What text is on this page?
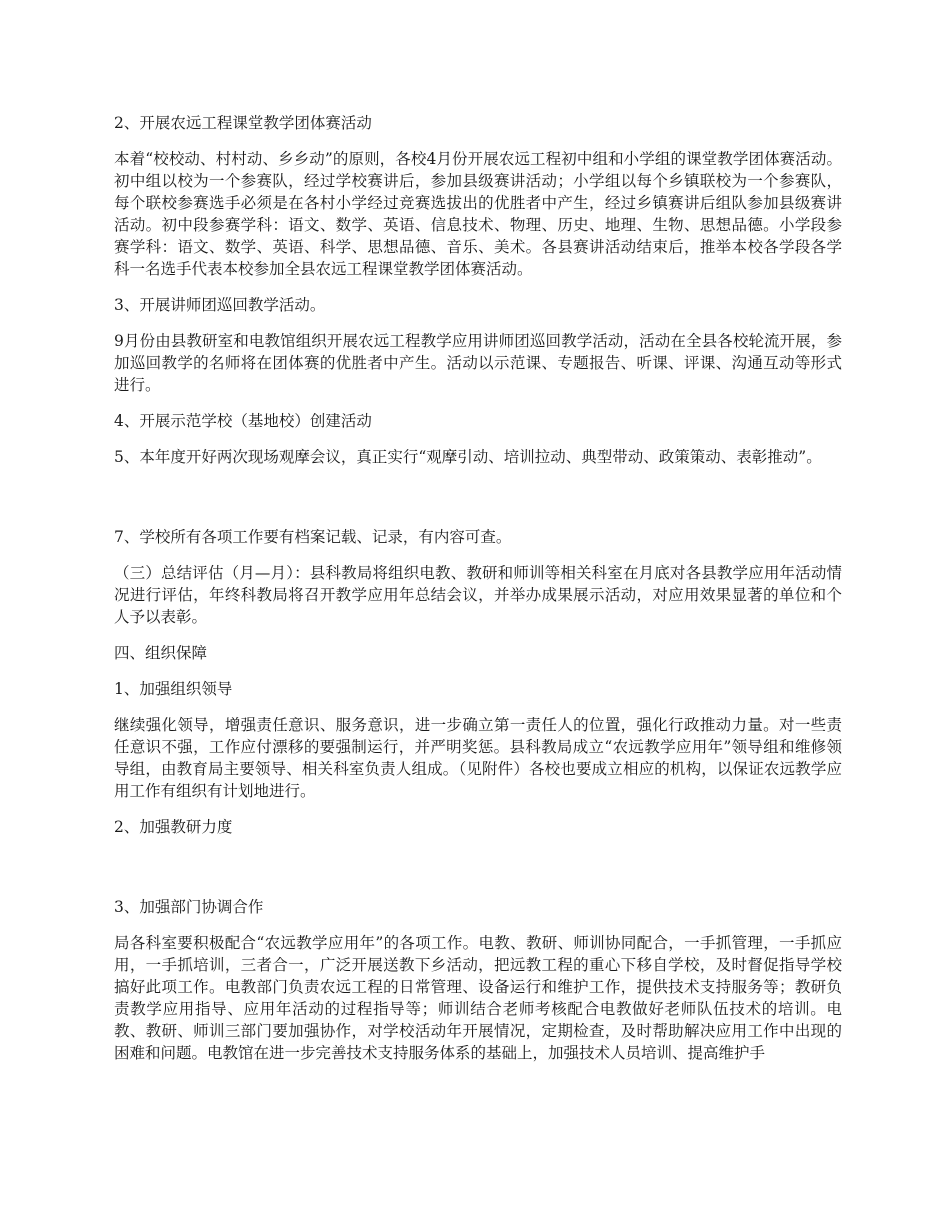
2、开展农远工程课堂教学团体赛活动

本着“校校动、村村动、乡乡动”的原则，各校4月份开展农远工程初中组和小学组的课堂教学团体赛活动。初中组以校为一个参赛队，经过学校赛讲后，参加县级赛讲活动；小学组以每个乡镇联校为一个参赛队，每个联校参赛选手必须是在各村小学经过竞赛选拔出的优胜者中产生，经过乡镇赛讲后组队参加县级赛讲活动。初中段参赛学科：语文、数学、英语、信息技术、物理、历史、地理、生物、思想品德。小学段参赛学科：语文、数学、英语、科学、思想品德、音乐、美术。各县赛讲活动结束后，推举本校各学段各学科一名选手代表本校参加全县农远工程课堂教学团体赛活动。

3、开展讲师团巡回教学活动。

9月份由县教研室和电教馆组织开展农远工程教学应用讲师团巡回教学活动，活动在全县各校轮流开展，参加巡回教学的名师将在团体赛的优胜者中产生。活动以示范课、专题报告、听课、评课、沟通互动等形式进行。

4、开展示范学校（基地校）创建活动

5、本年度开好两次现场观摩会议，真正实行“观摩引动、培训拉动、典型带动、政策策动、表彰推动”。

7、学校所有各项工作要有档案记载、记录，有内容可查。

（三）总结评估（月—月）：县科教局将组织电教、教研和师训等相关科室在月底对各县教学应用年活动情况进行评估，年终科教局将召开教学应用年总结会议，并举办成果展示活动，对应用效果显著的单位和个人予以表彰。

四、组织保障

1、加强组织领导

继续强化领导，增强责任意识、服务意识，进一步确立第一责任人的位置，强化行政推动力量。对一些责任意识不强，工作应付漂移的要强制运行，并严明奖惩。县科教局成立“农远教学应用年”领导组和维修领导组，由教育局主要领导、相关科室负责人组成。（见附件）各校也要成立相应的机构，以保证农远教学应用工作有组织有计划地进行。

2、加强教研力度

3、加强部门协调合作

局各科室要积极配合“农远教学应用年”的各项工作。电教、教研、师训协同配合，一手抓管理，一手抓应用，一手抓培训，三者合一，广泛开展送教下乡活动，把远教工程的重心下移自学校，及时督促指导学校搞好此项工作。电教部门负责农远工程的日常管理、设备运行和维护工作，提供技术支持服务等；教研负责教学应用指导、应用年活动的过程指导等；师训结合老师考核配合电教做好老师队伍技术的培训。电教、教研、师训三部门要加强协作，对学校活动年开展情况，定期检查，及时帮助解决应用工作中出现的困难和问题。电教馆在进一步完善技术支持服务体系的基础上，加强技术人员培训、提高维护手
